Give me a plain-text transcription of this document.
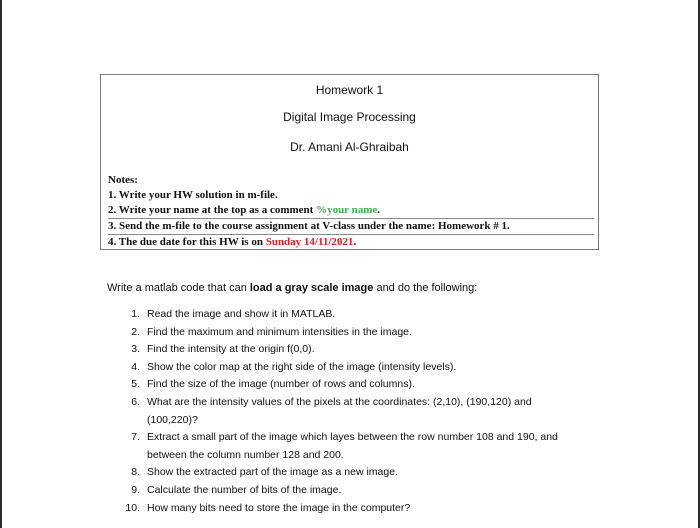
Homework 1
Digital Image Processing
Dr. Amani Al-Ghraibah
Notes:
1. Write your HW solution in m-file.
2. Write your name at the top as a comment %your name.
3. Send the m-file to the course assignment at V-class under the name: Homework # 1.
4. The due date for this HW is on Sunday 14/11/2021.
Write a matlab code that can load a gray scale image and do the following:
1. Read the image and show it in MATLAB.
2. Find the maximum and minimum intensities in the image.
3. Find the intensity at the origin f(0,0).
4. Show the color map at the right side of the image (intensity levels).
5. Find the size of the image (number of rows and columns).
6. What are the intensity values of the pixels at the coordinates: (2,10), (190,120) and (100,220)?
7. Extract a small part of the image which layes between the row number 108 and 190, and between the column number 128 and 200.
8. Show the extracted part of the image as a new image.
9. Calculate the number of bits of the image.
10. How many bits need to store the image in the computer?
